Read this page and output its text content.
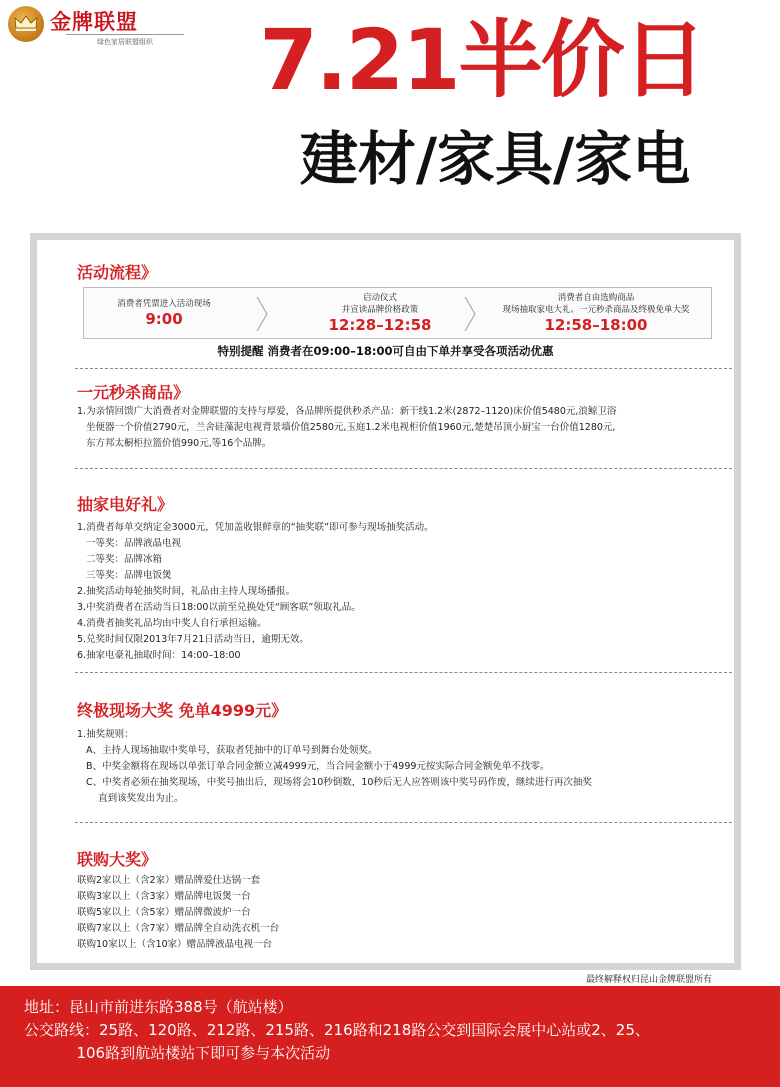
金牌联盟
绿色家居联盟组织	7.21半价日
建材/家具/家电
活动流程》
消费者凭票进入活动现场
9:00
启动仪式
并宣读品牌价格政策
12:28–12:58
消费者自由选购商品
现场抽取家电大礼、一元秒杀商品及终极免单大奖
12:58–18:00
特别提醒 消费者在09:00–18:00可自由下单并享受各项活动优惠
一元秒杀商品》
1.为亲情回馈广大消费者对金牌联盟的支持与厚爱，各品牌所提供秒杀产品：新干线1.2米(2872–1120)床价值5480元,浪鲸卫浴
坐便器一个价值2790元，兰舍硅藻泥电视背景墙价值2580元,玉庭1.2米电视柜价值1960元,楚楚吊顶小厨宝一台价值1280元,
东方邦太橱柜拉篮价值990元,等16个品牌。
抽家电好礼》
1.消费者每单交纳定金3000元，凭加盖收银鲜章的“抽奖联”即可参与现场抽奖活动。
一等奖：品牌液晶电视
二等奖：品牌冰箱
三等奖：品牌电饭煲
2.抽奖活动每轮抽奖时间，礼品由主持人现场播报。
3.中奖消费者在活动当日18:00以前至兑换处凭“顾客联”领取礼品。
4.消费者抽奖礼品均由中奖人自行承担运输。
5.兑奖时间仅限2013年7月21日活动当日，逾期无效。
6.抽家电豪礼抽取时间：14:00–18:00
终极现场大奖 免单4999元》
1.抽奖规则：
A、主持人现场抽取中奖单号，获取者凭抽中的订单号到舞台处领奖。
B、中奖金额将在现场以单张订单合同金额立减4999元，当合同金额小于4999元按实际合同金额免单不找零。
C、中奖者必须在抽奖现场，中奖号抽出后，现场将会10秒倒数，10秒后无人应答则该中奖号码作废，继续进行再次抽奖
直到该奖发出为止。
联购大奖》
联购2家以上（含2家）赠品牌爱仕达锅一套
联购3家以上（含3家）赠品牌电饭煲一台
联购5家以上（含5家）赠品牌微波炉一台
联购7家以上（含7家）赠品牌全自动洗衣机一台
联购10家以上（含10家）赠品牌液晶电视一台
最终解释权归昆山金牌联盟所有
地址：昆山市前进东路388号（航站楼）
公交路线：25路、120路、212路、215路、216路和218路公交到国际会展中心站或2、25、
106路到航站楼站下即可参与本次活动
